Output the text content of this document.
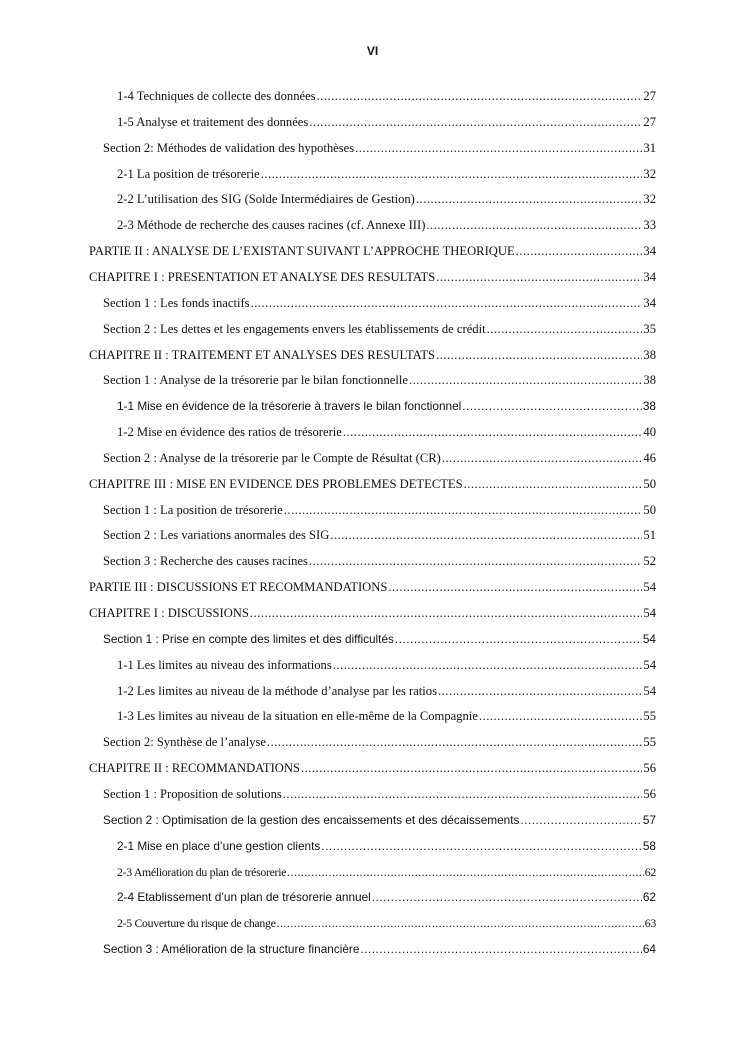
VI
1-4 Techniques de collecte des données .....	27
1-5 Analyse et traitement des données .....	27
Section 2: Méthodes de validation des hypothèses .....	31
2-1 La position de trésorerie .....	32
2-2 L’utilisation des SIG (Solde Intermédiaires de Gestion) .....	32
2-3 Méthode de recherche des causes racines (cf. Annexe III) .....	33
PARTIE II : ANALYSE DE L’EXISTANT SUIVANT L’APPROCHE THEORIQUE .....	34
CHAPITRE I : PRESENTATION ET ANALYSE DES RESULTATS .....	34
Section 1 : Les fonds inactifs .....	34
Section 2 : Les dettes et les engagements envers les établissements de crédit .....	35
CHAPITRE II : TRAITEMENT ET ANALYSES DES RESULTATS .....	38
Section 1 : Analyse de la trésorerie par le bilan fonctionnelle .....	38
1-1 Mise en évidence de la trésorerie à travers le bilan fonctionnel .....	38
1-2 Mise en évidence des ratios de trésorerie .....	40
Section 2 : Analyse de la trésorerie par le Compte de Résultat (CR) .....	46
CHAPITRE III : MISE EN EVIDENCE DES PROBLEMES DETECTES .....	50
Section 1 : La position de trésorerie .....	50
Section 2 : Les variations anormales des SIG .....	51
Section 3 : Recherche des causes racines .....	52
PARTIE III : DISCUSSIONS ET RECOMMANDATIONS .....	54
CHAPITRE I : DISCUSSIONS .....	54
Section 1 : Prise en compte des limites et des difficultés .....	54
1-1 Les limites au niveau des informations .....	54
1-2 Les limites au niveau de la méthode d’analyse par les ratios .....	54
1-3 Les limites au niveau de la situation en elle-même de la Compagnie .....	55
Section 2: Synthèse de l’analyse .....	55
CHAPITRE II : RECOMMANDATIONS .....	56
Section 1 : Proposition de solutions .....	56
Section 2 : Optimisation de la gestion des encaissements et des décaissements .....	57
2-1 Mise en place d’une gestion clients .....	58
2-3 Amélioration du plan de trésorerie .....	62
2-4 Etablissement d’un plan de trésorerie annuel .....	62
2-5 Couverture du risque de change .....	63
Section 3 : Amélioration de la structure financière .....	64
